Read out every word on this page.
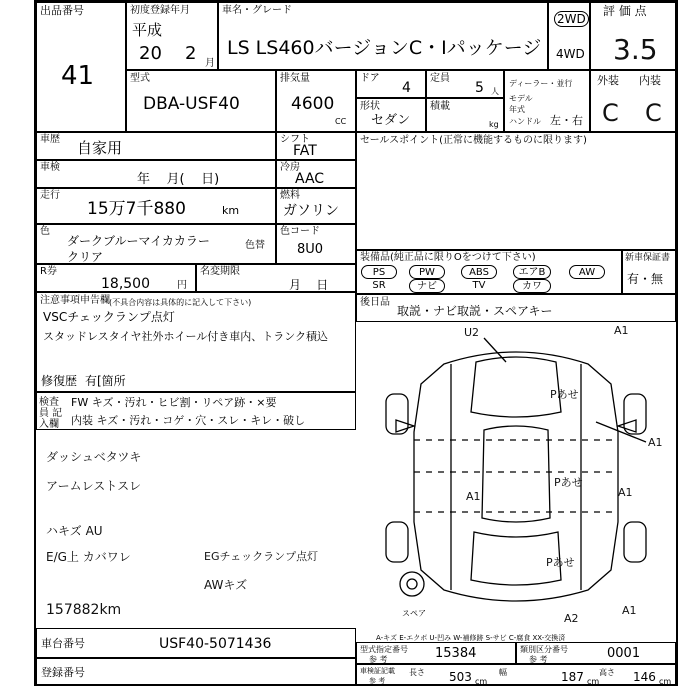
出品番号
41
初度登録年月
平成
20 2 月
車名・グレード
LS LS460バージョンC・Iパッケージ
2WD
4WD
評 価 点
3.5
型式
DBA-USF40
排気量
4600
CC
ドア
4
定員
5 人
ディーラー・並行
モデル 年式
ハンドル 左・右
外装 内装
C C
形状
セダン
積載
kg
車歴 自家用	シフト
FAT
車検
年    月(    日)
冷房
AAC
走行
15万7千880	km
燃料
ガソリン
色
ダークブルーマイカカラー
クリア
色替
色コード
8U0
R券
18,500	円
名変期限
月    日
注意事項申告欄 (不具合内容は具体的に記入して下さい)
VSCチェックランプ点灯
スタッドレスタイヤ社外ホイール付き車内、トランク積込
修復歴 有[箇所
検査員 記入欄
FW キズ・汚れ・ヒビ割・リペア跡・×要
内装 キズ・汚れ・コゲ・穴・スレ・キレ・破し
ダッシュベタツキ
アームレストスレ
ハキズ AU
E/G上 カバワレ	EGチェックランプ点灯
AWキズ
157882km
セールスポイント(正常に機能するものに限ります)
装備品(純正品に限りOをつけて下さい)
PS	PW	ABS	エアB	AW
SR	ナビ	TV	カワ
新車保証書
有・無
後日品
取説・ナビ取説・スペアキー
U2	A1
Pあせ
A1
A1
Pあせ
A1
Pあせ
A2
A1
スペア
A-キズ E-エクボ U-凹み W-補修跡 S-サビ C-腐食 XX-交換済
車台番号	USF40-5071436
登録番号
型式指定番号
参 考	15384	類別区分番号
参 考	0001
車検証記載
参 考
長さ 503 cm
幅	187 cm
高さ 146 cm
